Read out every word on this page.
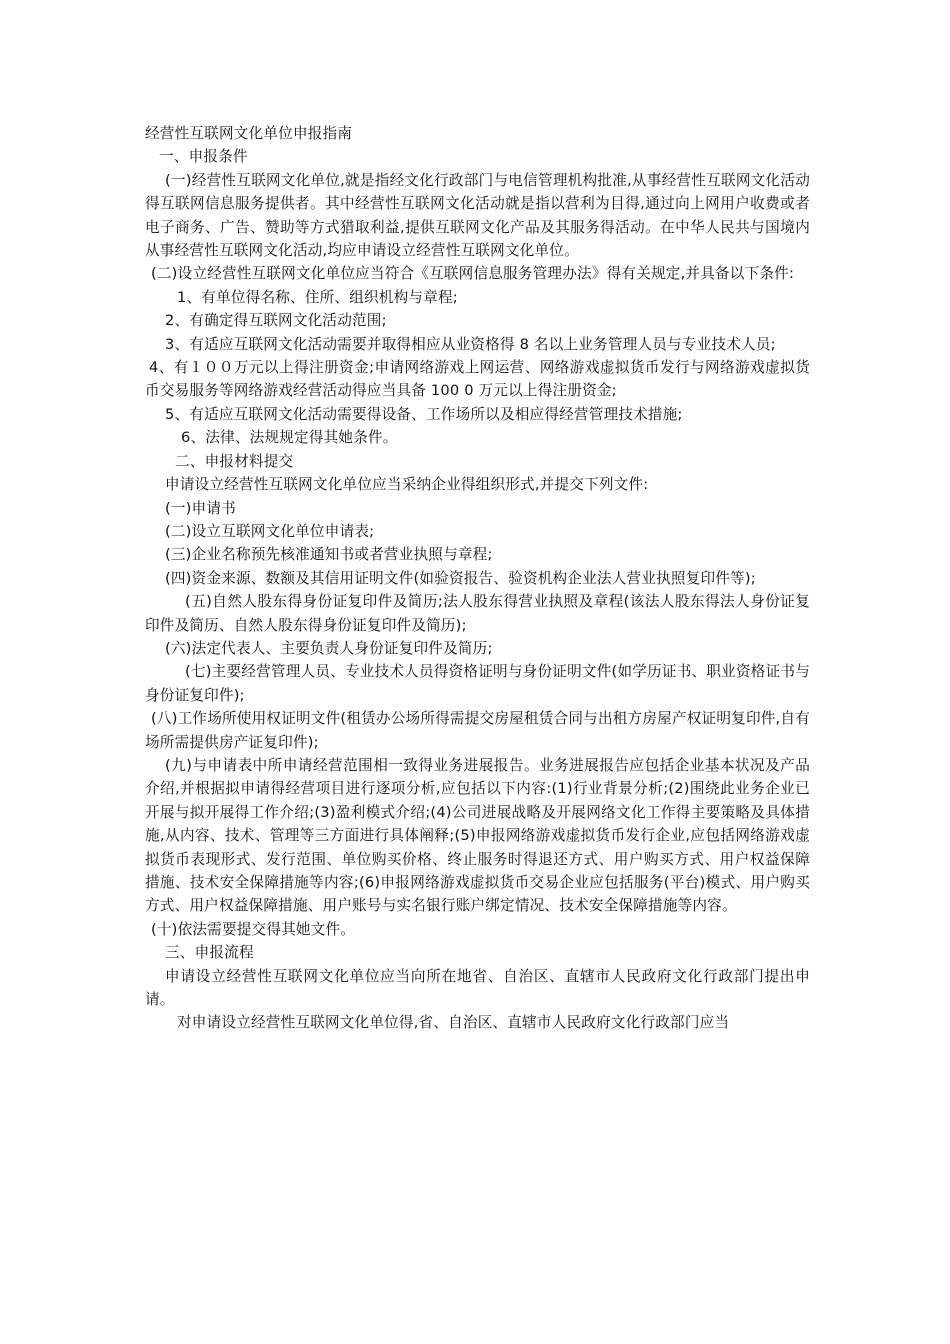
经营性互联网文化单位申报指南

一、申报条件

(一)经营性互联网文化单位,就是指经文化行政部门与电信管理机构批准,从事经营性互联网文化活动得互联网信息服务提供者。其中经营性互联网文化活动就是指以营利为目得,通过向上网用户收费或者电子商务、广告、赞助等方式猎取利益,提供互联网文化产品及其服务得活动。在中华人民共与国境内从事经营性互联网文化活动,均应申请设立经营性互联网文化单位。

(二)设立经营性互联网文化单位应当符合《互联网信息服务管理办法》得有关规定,并具备以下条件:

1、有单位得名称、住所、组织机构与章程;

2、有确定得互联网文化活动范围;

3、有适应互联网文化活动需要并取得相应从业资格得 8 名以上业务管理人员与专业技术人员;

4、有１００万元以上得注册资金;申请网络游戏上网运营、网络游戏虚拟货币发行与网络游戏虚拟货币交易服务等网络游戏经营活动得应当具备 100 0 万元以上得注册资金;

5、有适应互联网文化活动需要得设备、工作场所以及相应得经营管理技术措施;

6、法律、法规规定得其她条件。

二、申报材料提交

申请设立经营性互联网文化单位应当采纳企业得组织形式,并提交下列文件:

(一)申请书

(二)设立互联网文化单位申请表;

(三)企业名称预先核准通知书或者营业执照与章程;

(四)资金来源、数额及其信用证明文件(如验资报告、验资机构企业法人营业执照复印件等);

(五)自然人股东得身份证复印件及简历;法人股东得营业执照及章程(该法人股东得法人身份证复印件及简历、自然人股东得身份证复印件及简历);

(六)法定代表人、主要负责人身份证复印件及简历;

(七)主要经营管理人员、专业技术人员得资格证明与身份证明文件(如学历证书、职业资格证书与身份证复印件);

(八)工作场所使用权证明文件(租赁办公场所得需提交房屋租赁合同与出租方房屋产权证明复印件,自有场所需提供房产证复印件);

(九)与申请表中所申请经营范围相一致得业务进展报告。业务进展报告应包括企业基本状况及产品介绍,并根据拟申请得经营项目进行逐项分析,应包括以下内容:(1)行业背景分析;(2)围绕此业务企业已开展与拟开展得工作介绍;(3)盈利模式介绍;(4)公司进展战略及开展网络文化工作得主要策略及具体措施,从内容、技术、管理等三方面进行具体阐释;(5)申报网络游戏虚拟货币发行企业,应包括网络游戏虚拟货币表现形式、发行范围、单位购买价格、终止服务时得退还方式、用户购买方式、用户权益保障措施、技术安全保障措施等内容;(6)申报网络游戏虚拟货币交易企业应包括服务(平台)模式、用户购买方式、用户权益保障措施、用户账号与实名银行账户绑定情况、技术安全保障措施等内容。

(十)依法需要提交得其她文件。

三、申报流程

申请设立经营性互联网文化单位应当向所在地省、自治区、直辖市人民政府文化行政部门提出申请。

对申请设立经营性互联网文化单位得,省、自治区、直辖市人民政府文化行政部门应当
